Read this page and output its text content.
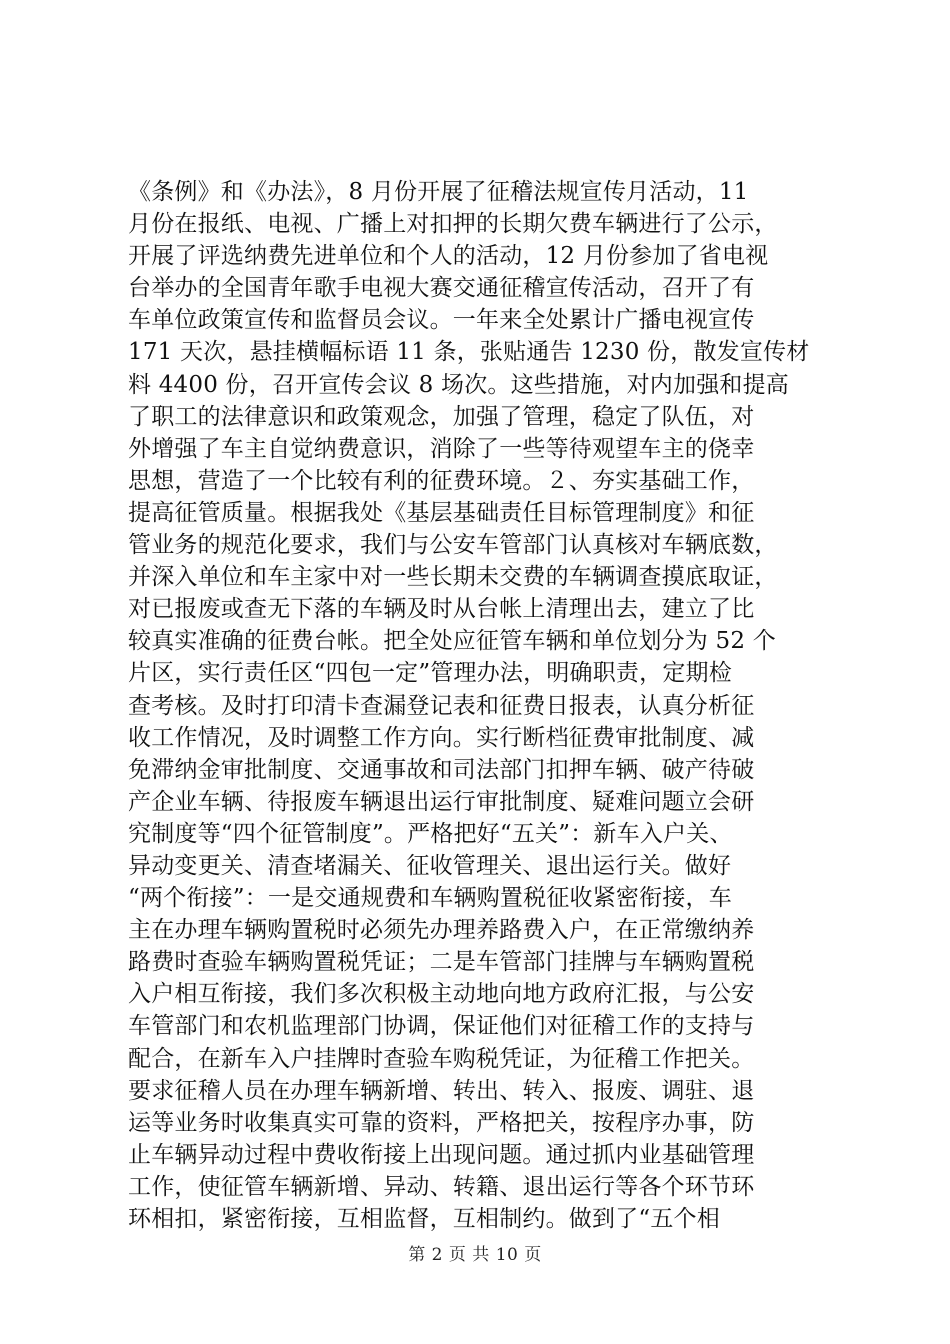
《条例》和《办法》，8 月份开展了征稽法规宣传月活动，11
月份在报纸、电视、广播上对扣押的长期欠费车辆进行了公示，
开展了评选纳费先进单位和个人的活动，12 月份参加了省电视
台举办的全国青年歌手电视大赛交通征稽宣传活动，召开了有
车单位政策宣传和监督员会议。一年来全处累计广播电视宣传
171 天次，悬挂横幅标语 11 条，张贴通告 1230 份，散发宣传材
料 4400 份，召开宣传会议 8 场次。这些措施，对内加强和提高
了职工的法律意识和政策观念，加强了管理，稳定了队伍，对
外增强了车主自觉纳费意识，消除了一些等待观望车主的侥幸
思想，营造了一个比较有利的征费环境。２、夯实基础工作，
提高征管质量。根据我处《基层基础责任目标管理制度》和征
管业务的规范化要求，我们与公安车管部门认真核对车辆底数，
并深入单位和车主家中对一些长期未交费的车辆调查摸底取证，
对已报废或查无下落的车辆及时从台帐上清理出去，建立了比
较真实准确的征费台帐。把全处应征管车辆和单位划分为 52 个
片区，实行责任区“四包一定”管理办法，明确职责，定期检
查考核。及时打印清卡查漏登记表和征费日报表，认真分析征
收工作情况，及时调整工作方向。实行断档征费审批制度、减
免滞纳金审批制度、交通事故和司法部门扣押车辆、破产待破
产企业车辆、待报废车辆退出运行审批制度、疑难问题立会研
究制度等“四个征管制度”。严格把好“五关”：新车入户关、
异动变更关、清查堵漏关、征收管理关、退出运行关。做好
“两个衔接”：一是交通规费和车辆购置税征收紧密衔接，车
主在办理车辆购置税时必须先办理养路费入户，在正常缴纳养
路费时查验车辆购置税凭证；二是车管部门挂牌与车辆购置税
入户相互衔接，我们多次积极主动地向地方政府汇报，与公安
车管部门和农机监理部门协调，保证他们对征稽工作的支持与
配合，在新车入户挂牌时查验车购税凭证，为征稽工作把关。
要求征稽人员在办理车辆新增、转出、转入、报废、调驻、退
运等业务时收集真实可靠的资料，严格把关，按程序办事，防
止车辆异动过程中费收衔接上出现问题。通过抓内业基础管理
工作，使征管车辆新增、异动、转籍、退出运行等各个环节环
环相扣，紧密衔接，互相监督，互相制约。做到了“五个相
第 2 页 共 10 页
